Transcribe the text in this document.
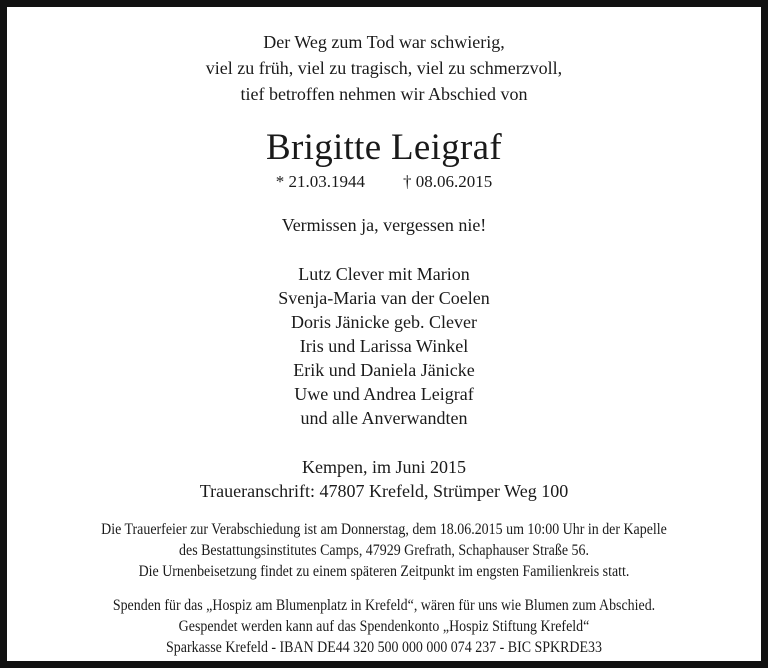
Der Weg zum Tod war schwierig,
viel zu früh, viel zu tragisch, viel zu schmerzvoll,
tief betroffen nehmen wir Abschied von
Brigitte Leigraf
* 21.03.1944 † 08.06.2015
Vermissen ja, vergessen nie!
Lutz Clever mit Marion
Svenja-Maria van der Coelen
Doris Jänicke geb. Clever
Iris und Larissa Winkel
Erik und Daniela Jänicke
Uwe und Andrea Leigraf
und alle Anverwandten
Kempen, im Juni 2015
Traueranschrift: 47807 Krefeld, Strümper Weg 100
Die Trauerfeier zur Verabschiedung ist am Donnerstag, dem 18.06.2015 um 10:00 Uhr in der Kapelle
des Bestattungsinstitutes Camps, 47929 Grefrath, Schaphauser Straße 56.
Die Urnenbeisetzung findet zu einem späteren Zeitpunkt im engsten Familienkreis statt.
Spenden für das „Hospiz am Blumenplatz in Krefeld“, wären für uns wie Blumen zum Abschied.
Gespendet werden kann auf das Spendenkonto „Hospiz Stiftung Krefeld“
Sparkasse Krefeld - IBAN DE44 320 500 000 000 074 237 - BIC SPKRDE33
